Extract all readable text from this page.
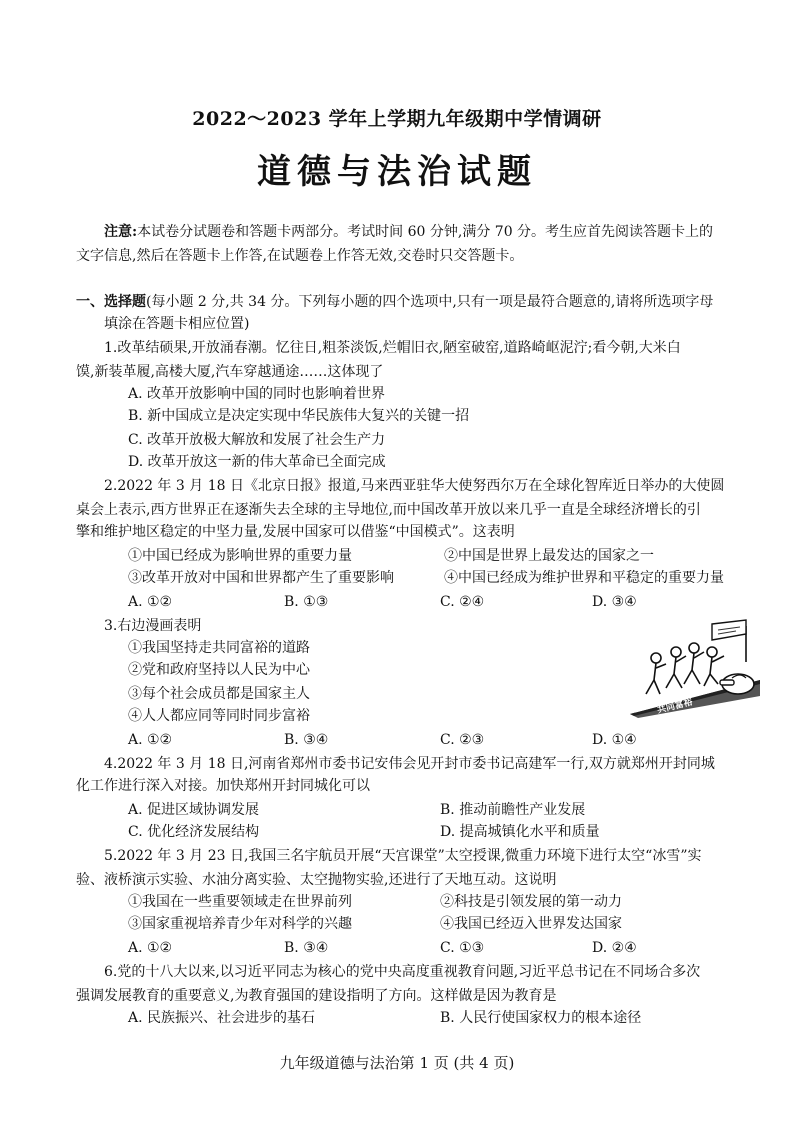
2022～2023 学年上学期九年级期中学情调研
道德与法治试题
注意:本试卷分试题卷和答题卡两部分。考试时间 60 分钟,满分 70 分。考生应首先阅读答题卡上的
文字信息,然后在答题卡上作答,在试题卷上作答无效,交卷时只交答题卡。
一、选择题(每小题 2 分,共 34 分。下列每小题的四个选项中,只有一项是最符合题意的,请将所选项字母
填涂在答题卡相应位置)
1.改革结硕果,开放涌春潮。忆往日,粗茶淡饭,烂帽旧衣,陋室破窑,道路崎岖泥泞;看今朝,大米白
馍,新装革履,高楼大厦,汽车穿越通途……这体现了
A. 改革开放影响中国的同时也影响着世界
B. 新中国成立是决定实现中华民族伟大复兴的关键一招
C. 改革开放极大解放和发展了社会生产力
D. 改革开放这一新的伟大革命已全面完成
2.2022 年 3 月 18 日《北京日报》报道,马来西亚驻华大使努西尔万在全球化智库近日举办的大使圆
桌会上表示,西方世界正在逐渐失去全球的主导地位,而中国改革开放以来几乎一直是全球经济增长的引
擎和维护地区稳定的中坚力量,发展中国家可以借鉴“中国模式”。这表明
①中国已经成为影响世界的重要力量	②中国是世界上最发达的国家之一
③改革开放对中国和世界都产生了重要影响	④中国已经成为维护世界和平稳定的重要力量
A. ①②	B. ①③	C. ②④	D. ③④
3.右边漫画表明
①我国坚持走共同富裕的道路
②党和政府坚持以人民为中心
③每个社会成员都是国家主人
④人人都应同等同时同步富裕
A. ①②	B. ③④	C. ②③	D. ①④
共同富裕
4.2022 年 3 月 18 日,河南省郑州市委书记安伟会见开封市委书记高建军一行,双方就郑州开封同城
化工作进行深入对接。加快郑州开封同城化可以
A. 促进区域协调发展	B. 推动前瞻性产业发展
C. 优化经济发展结构	D. 提高城镇化水平和质量
5.2022 年 3 月 23 日,我国三名宇航员开展“天宫课堂”太空授课,微重力环境下进行太空“冰雪”实
验、液桥演示实验、水油分离实验、太空抛物实验,还进行了天地互动。这说明
①我国在一些重要领域走在世界前列	②科技是引领发展的第一动力
③国家重视培养青少年对科学的兴趣	④我国已经迈入世界发达国家
A. ①②	B. ③④	C. ①③	D. ②④
6.党的十八大以来,以习近平同志为核心的党中央高度重视教育问题,习近平总书记在不同场合多次
强调发展教育的重要意义,为教育强国的建设指明了方向。这样做是因为教育是
A. 民族振兴、社会进步的基石	B. 人民行使国家权力的根本途径
九年级道德与法治第 1 页 (共 4 页)
